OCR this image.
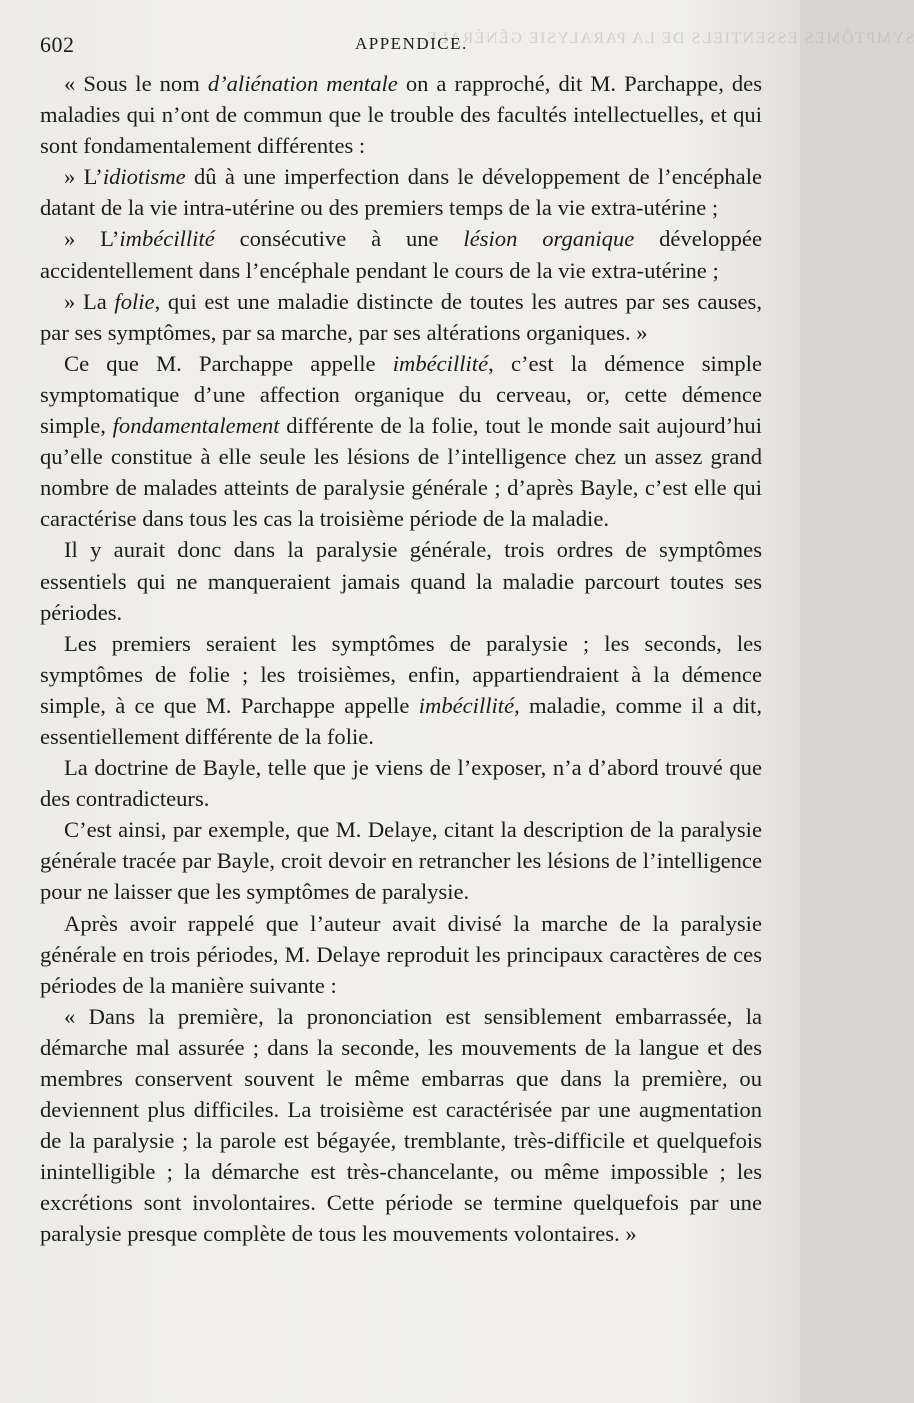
SYMPTÔMES ESSENTIELS DE LA PARALYSIE GÉNÉRALE.
602	APPENDICE.

« Sous le nom d’aliénation mentale on a rapproché, dit M. Parchappe, des maladies qui n’ont de commun que le trouble des facultés intellectuelles, et qui sont fondamentalement différentes :

» L’idiotisme dû à une imperfection dans le développement de l’encéphale datant de la vie intra-utérine ou des premiers temps de la vie extra-utérine ;

» L’imbécillité consécutive à une lésion organique développée accidentellement dans l’encéphale pendant le cours de la vie extra-utérine ;

» La folie, qui est une maladie distincte de toutes les autres par ses causes, par ses symptômes, par sa marche, par ses altérations organiques. »

Ce que M. Parchappe appelle imbécillité, c’est la démence simple symptomatique d’une affection organique du cerveau, or, cette démence simple, fondamentalement différente de la folie, tout le monde sait aujourd’hui qu’elle constitue à elle seule les lésions de l’intelligence chez un assez grand nombre de malades atteints de paralysie générale ; d’après Bayle, c’est elle qui caractérise dans tous les cas la troisième période de la maladie.

Il y aurait donc dans la paralysie générale, trois ordres de symptômes essentiels qui ne manqueraient jamais quand la maladie parcourt toutes ses périodes.

Les premiers seraient les symptômes de paralysie ; les seconds, les symptômes de folie ; les troisièmes, enfin, appartiendraient à la démence simple, à ce que M. Parchappe appelle imbécillité, maladie, comme il a dit, essentiellement différente de la folie.

La doctrine de Bayle, telle que je viens de l’exposer, n’a d’abord trouvé que des contradicteurs.

C’est ainsi, par exemple, que M. Delaye, citant la description de la paralysie générale tracée par Bayle, croit devoir en retrancher les lésions de l’intelligence pour ne laisser que les symptômes de paralysie.

Après avoir rappelé que l’auteur avait divisé la marche de la paralysie générale en trois périodes, M. Delaye reproduit les principaux caractères de ces périodes de la manière suivante :

« Dans la première, la prononciation est sensiblement embarrassée, la démarche mal assurée ; dans la seconde, les mouvements de la langue et des membres conservent souvent le même embarras que dans la première, ou deviennent plus difficiles. La troisième est caractérisée par une augmentation de la paralysie ; la parole est bégayée, tremblante, très-difficile et quelquefois inintelligible ; la démarche est très-chancelante, ou même impossible ; les excrétions sont involontaires. Cette période se termine quelquefois par une paralysie presque complète de tous les mouvements volontaires. »
